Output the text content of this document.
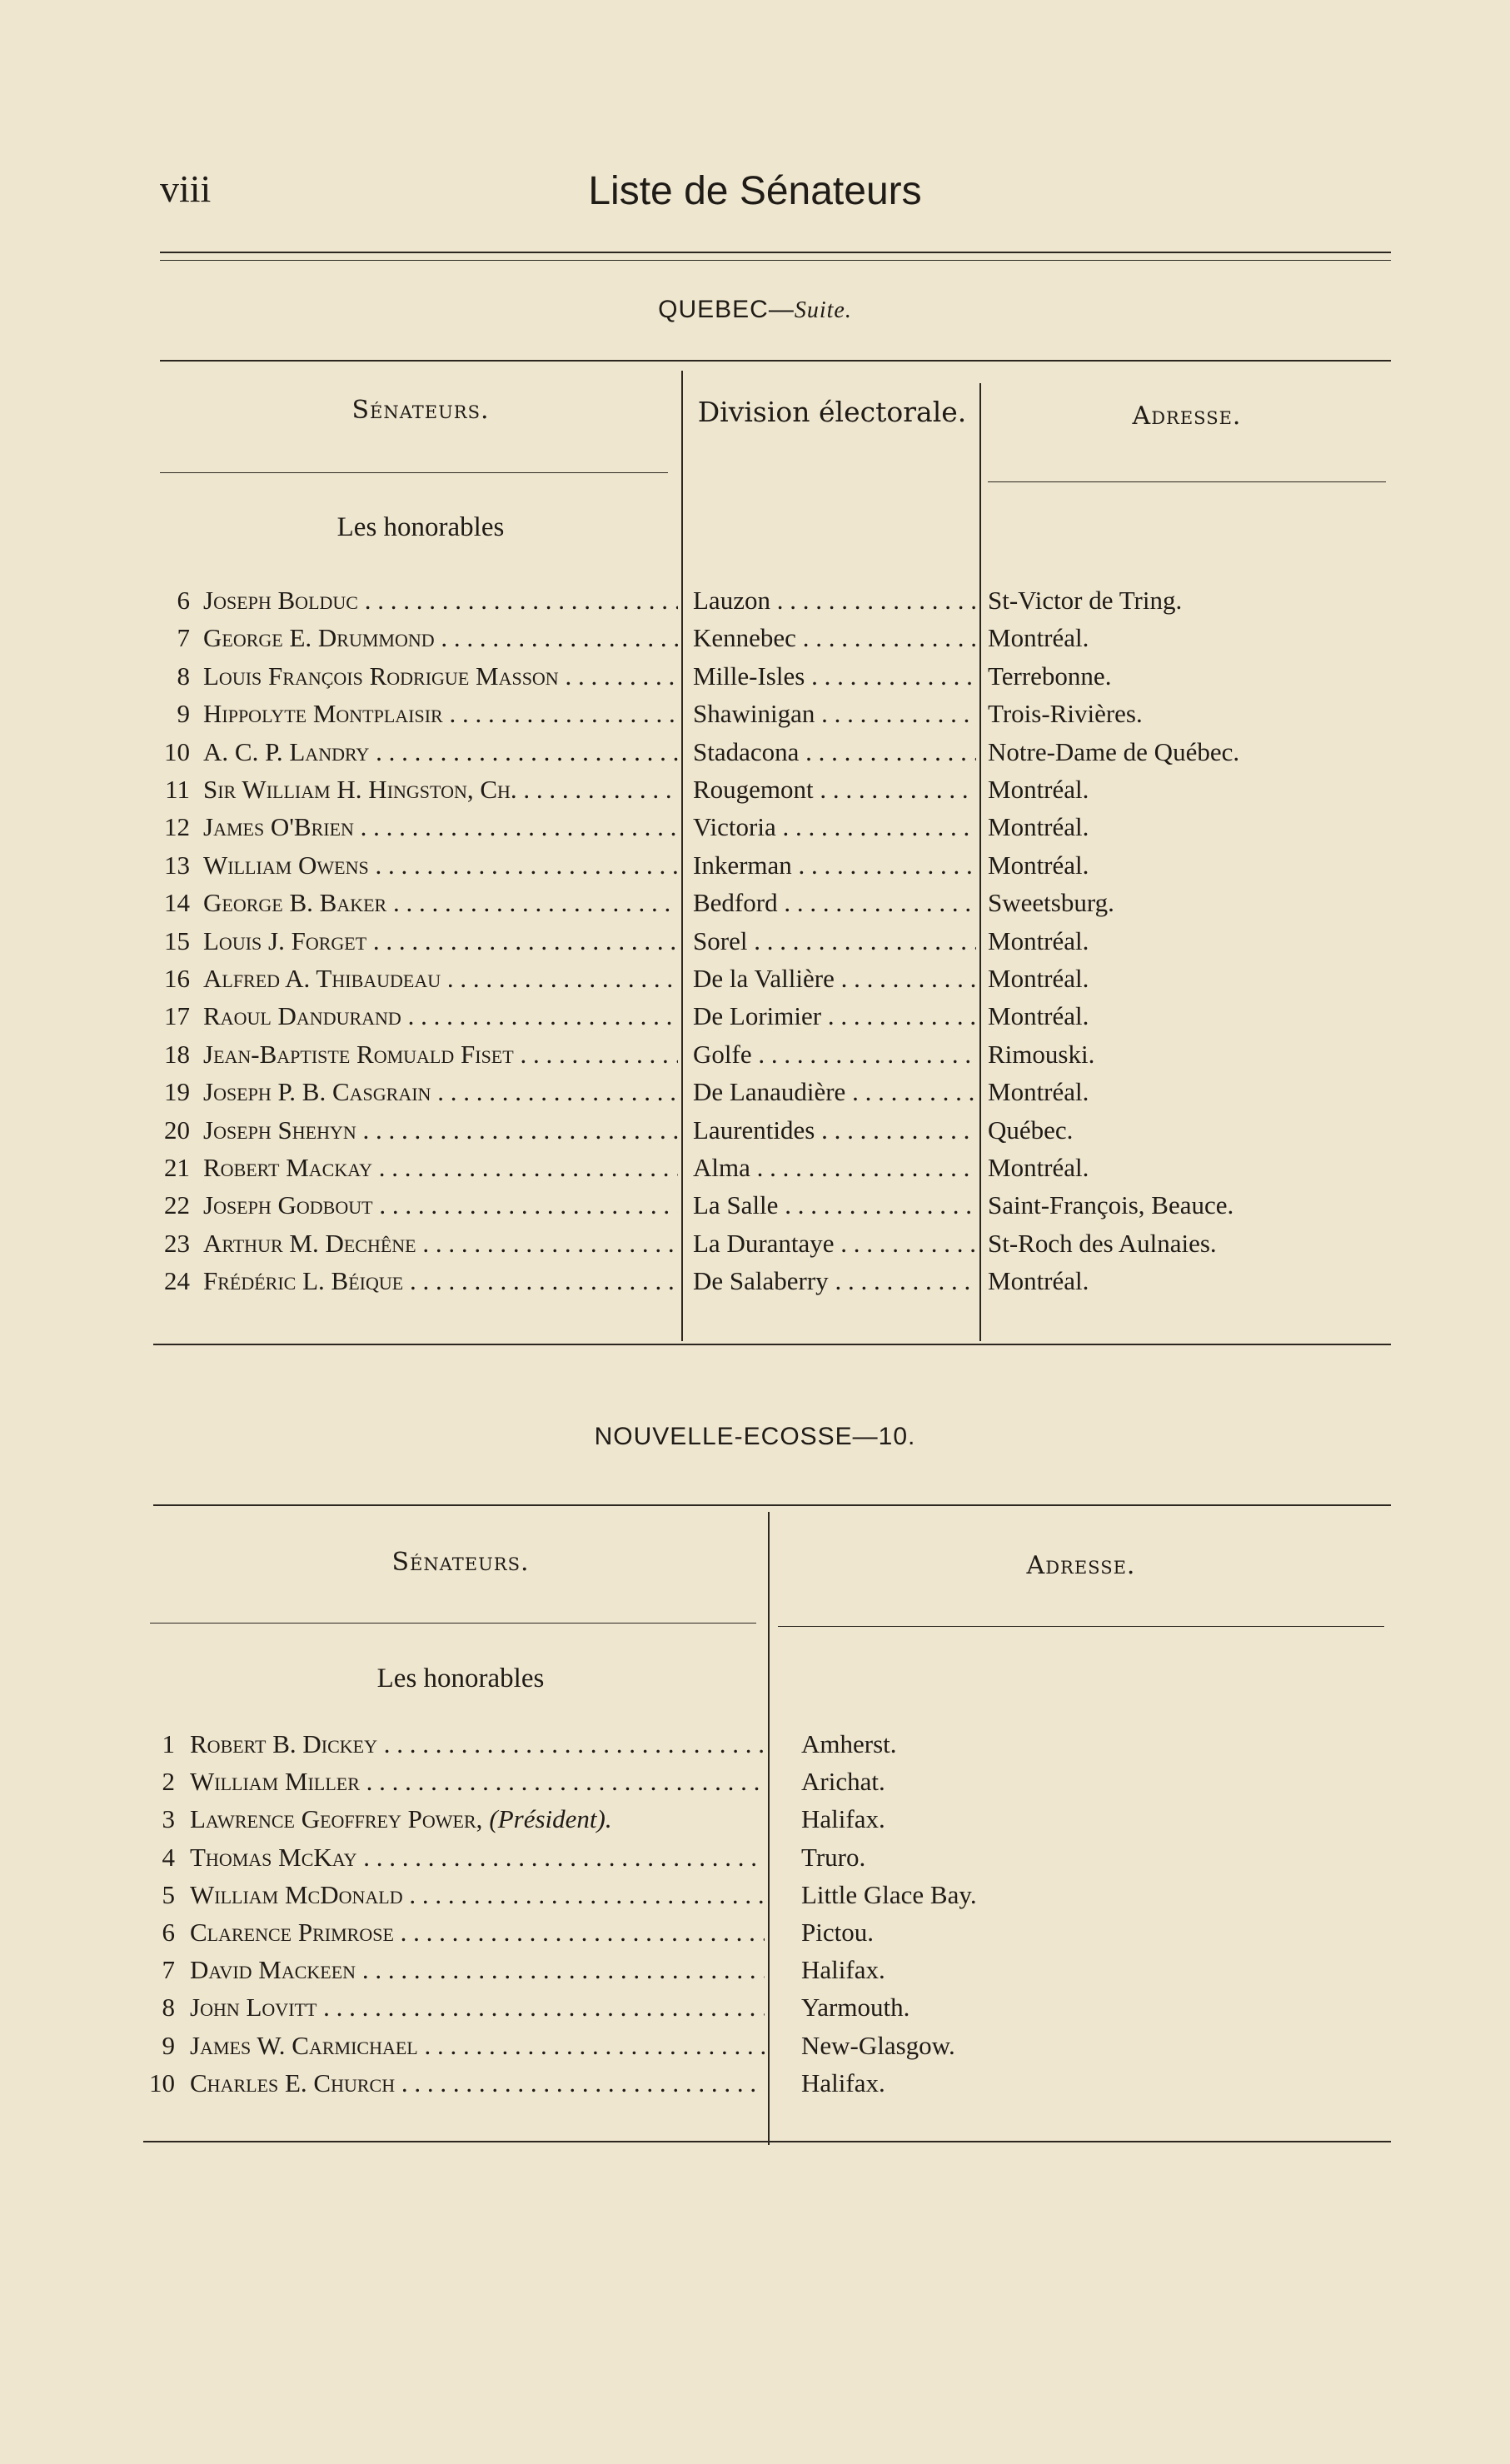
viii	Liste de Sénateurs
QUEBEC—Suite.
Sénateurs.	Division électorale.	Adresse.
Les honorables
6 Joseph Bolduc . . .	Lauzon . . .	St-Victor de Tring.
7 George E. Drummond . . .	Kennebec . . .	Montréal.
8 Louis François Rodrigue Masson . . .	Mille-Isles . . .	Terrebonne.
9 Hippolyte Montplaisir . . .	Shawinigan . . .	Trois-Rivières.
10 A. C. P. Landry . . .	Stadacona . . .	Notre-Dame de Québec.
11 Sir William H. Hingston, Ch. . . .	Rougemont . . .	Montréal.
12 James O'Brien . . .	Victoria . . .	Montréal.
13 William Owens . . .	Inkerman . . .	Montréal.
14 George B. Baker . . .	Bedford . . .	Sweetsburg.
15 Louis J. Forget . . .	Sorel . . .	Montréal.
16 Alfred A. Thibaudeau . . .	De la Vallière . . .	Montréal.
17 Raoul Dandurand . . .	De Lorimier . . .	Montréal.
18 Jean-Baptiste Romuald Fiset . . .	Golfe . . .	Rimouski.
19 Joseph P. B. Casgrain . . .	De Lanaudière . . .	Montréal.
20 Joseph Shehyn . . .	Laurentides . . .	Québec.
21 Robert Mackay . . .	Alma . . .	Montréal.
22 Joseph Godbout . . .	La Salle . . .	Saint-François, Beauce.
23 Arthur M. Dechêne . . .	La Durantaye . . .	St-Roch des Aulnaies.
24 Frédéric L. Béique . . .	De Salaberry . . .	Montréal.
NOUVELLE-ECOSSE—10.
Sénateurs.	Adresse.
Les honorables
1 Robert B. Dickey . . .	Amherst.
2 William Miller . . .	Arichat.
3 Lawrence Geoffrey Power, (Président).	Halifax.
4 Thomas McKay . . .	Truro.
5 William McDonald . . .	Little Glace Bay.
6 Clarence Primrose . . .	Pictou.
7 David Mackeen . . .	Halifax.
8 John Lovitt . . .	Yarmouth.
9 James W. Carmichael . . .	New-Glasgow.
10 Charles E. Church . . .	Halifax.
